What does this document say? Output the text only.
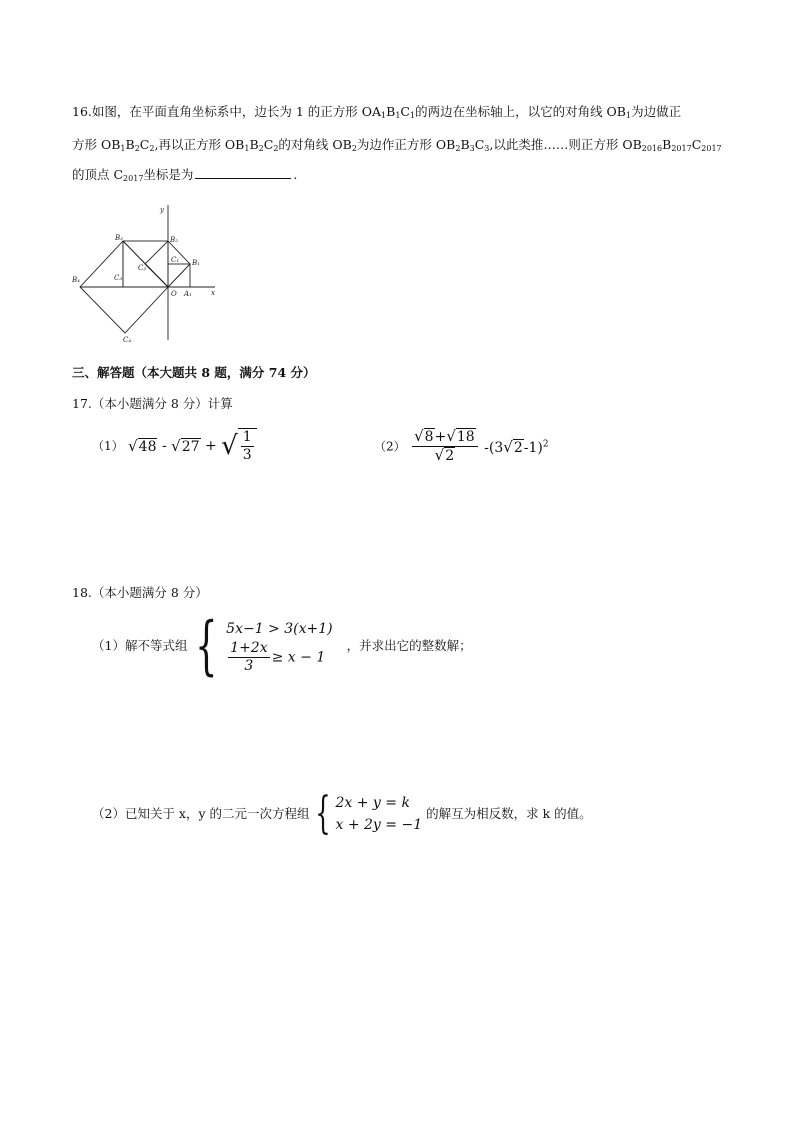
16.如图，在平面直角坐标系中，边长为 1 的正方形 $OA_1B_1C_1$的两边在坐标轴上，以它的对角线 $OB_1$为边做正
方形 $OB_1B_2C_2$,再以正方形 $OB_1B_2C_2$的对角线 $OB_2$为边作正方形 $OB_2B_3C_3$,以此类推……则正方形 $OB_{2016}B_{2017}C_{2017}$
的顶点 $C_{2017}$坐标是为	.
y
x
O A₁
B₁
B₂
B₃
B₄
C₁
C₂
C₃
C₄
三、解答题（本大题共 8 题，满分 74 分）
17.（本小题满分 8 分）计算
（1） √ 48 - √ 27 + √ $\frac{1}{3}$	$(2) \frac{√ 8 + √ 18}{√ 2} -(3$ √ 2 -1)$^2$
18.（本小题满分 8 分）
（1）解不等式组 { 5x−1 > 3(x+1)
$\frac{1+2x}{3} \ge x - 1$
，并求出它的整数解；
（2）已知关于 x，y 的二元一次方程组 { 2x + y = k
x + 2y = −1
的解互为相反数，求 k 的值。
